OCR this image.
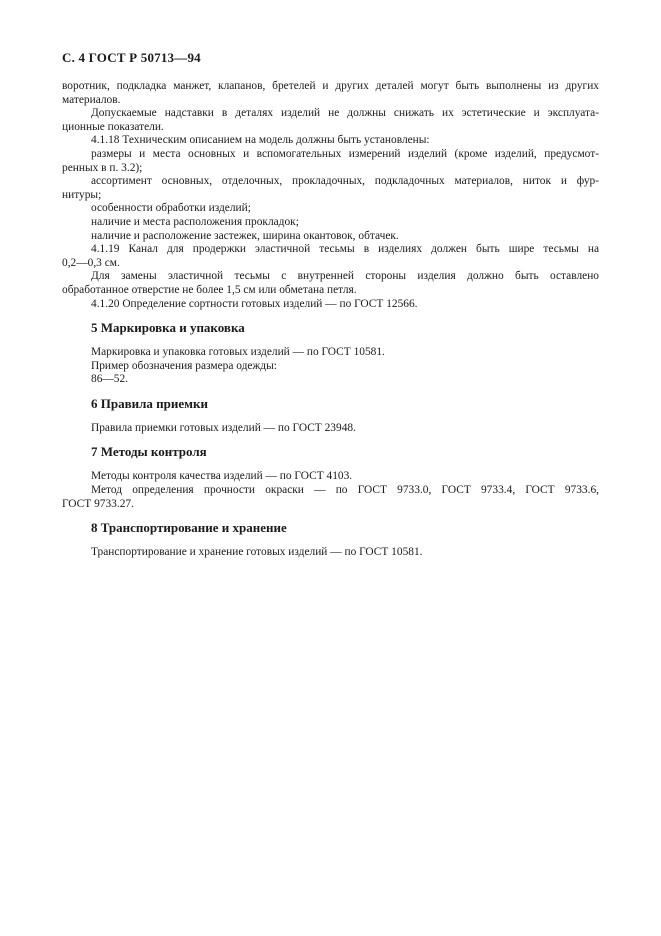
С. 4 ГОСТ Р 50713—94

воротник, подкладка манжет, клапанов, бретелей и других деталей могут быть выполнены из других

материалов.

Допускаемые надставки в деталях изделий не должны снижать их эстетические и эксплуата-

ционные показатели.

4.1.18 Техническим описанием на модель должны быть установлены:

размеры и места основных и вспомогательных измерений изделий (кроме изделий, предусмот-

ренных в п. 3.2);

ассортимент основных, отделочных, прокладочных, подкладочных материалов, ниток и фур-

нитуры;

особенности обработки изделий;

наличие и места расположения прокладок;

наличие и расположение застежек, ширина окантовок, обтачек.

4.1.19 Канал для продержки эластичной тесьмы в изделиях должен быть шире тесьмы на

0,2—0,3 см.

Для замены эластичной тесьмы с внутренней стороны изделия должно быть оставлено

обработанное отверстие не более 1,5 см или обметана петля.

4.1.20 Определение сортности готовых изделий — по ГОСТ 12566.

5 Маркировка и упаковка

Маркировка и упаковка готовых изделий — по ГОСТ 10581.

Пример обозначения размера одежды:

86—52.

6 Правила приемки

Правила приемки готовых изделий — по ГОСТ 23948.

7 Методы контроля

Методы контроля качества изделий — по ГОСТ 4103.

Метод определения прочности окраски — по ГОСТ 9733.0, ГОСТ 9733.4, ГОСТ 9733.6,

ГОСТ 9733.27.

8 Транспортирование и хранение

Транспортирование и хранение готовых изделий — по ГОСТ 10581.
